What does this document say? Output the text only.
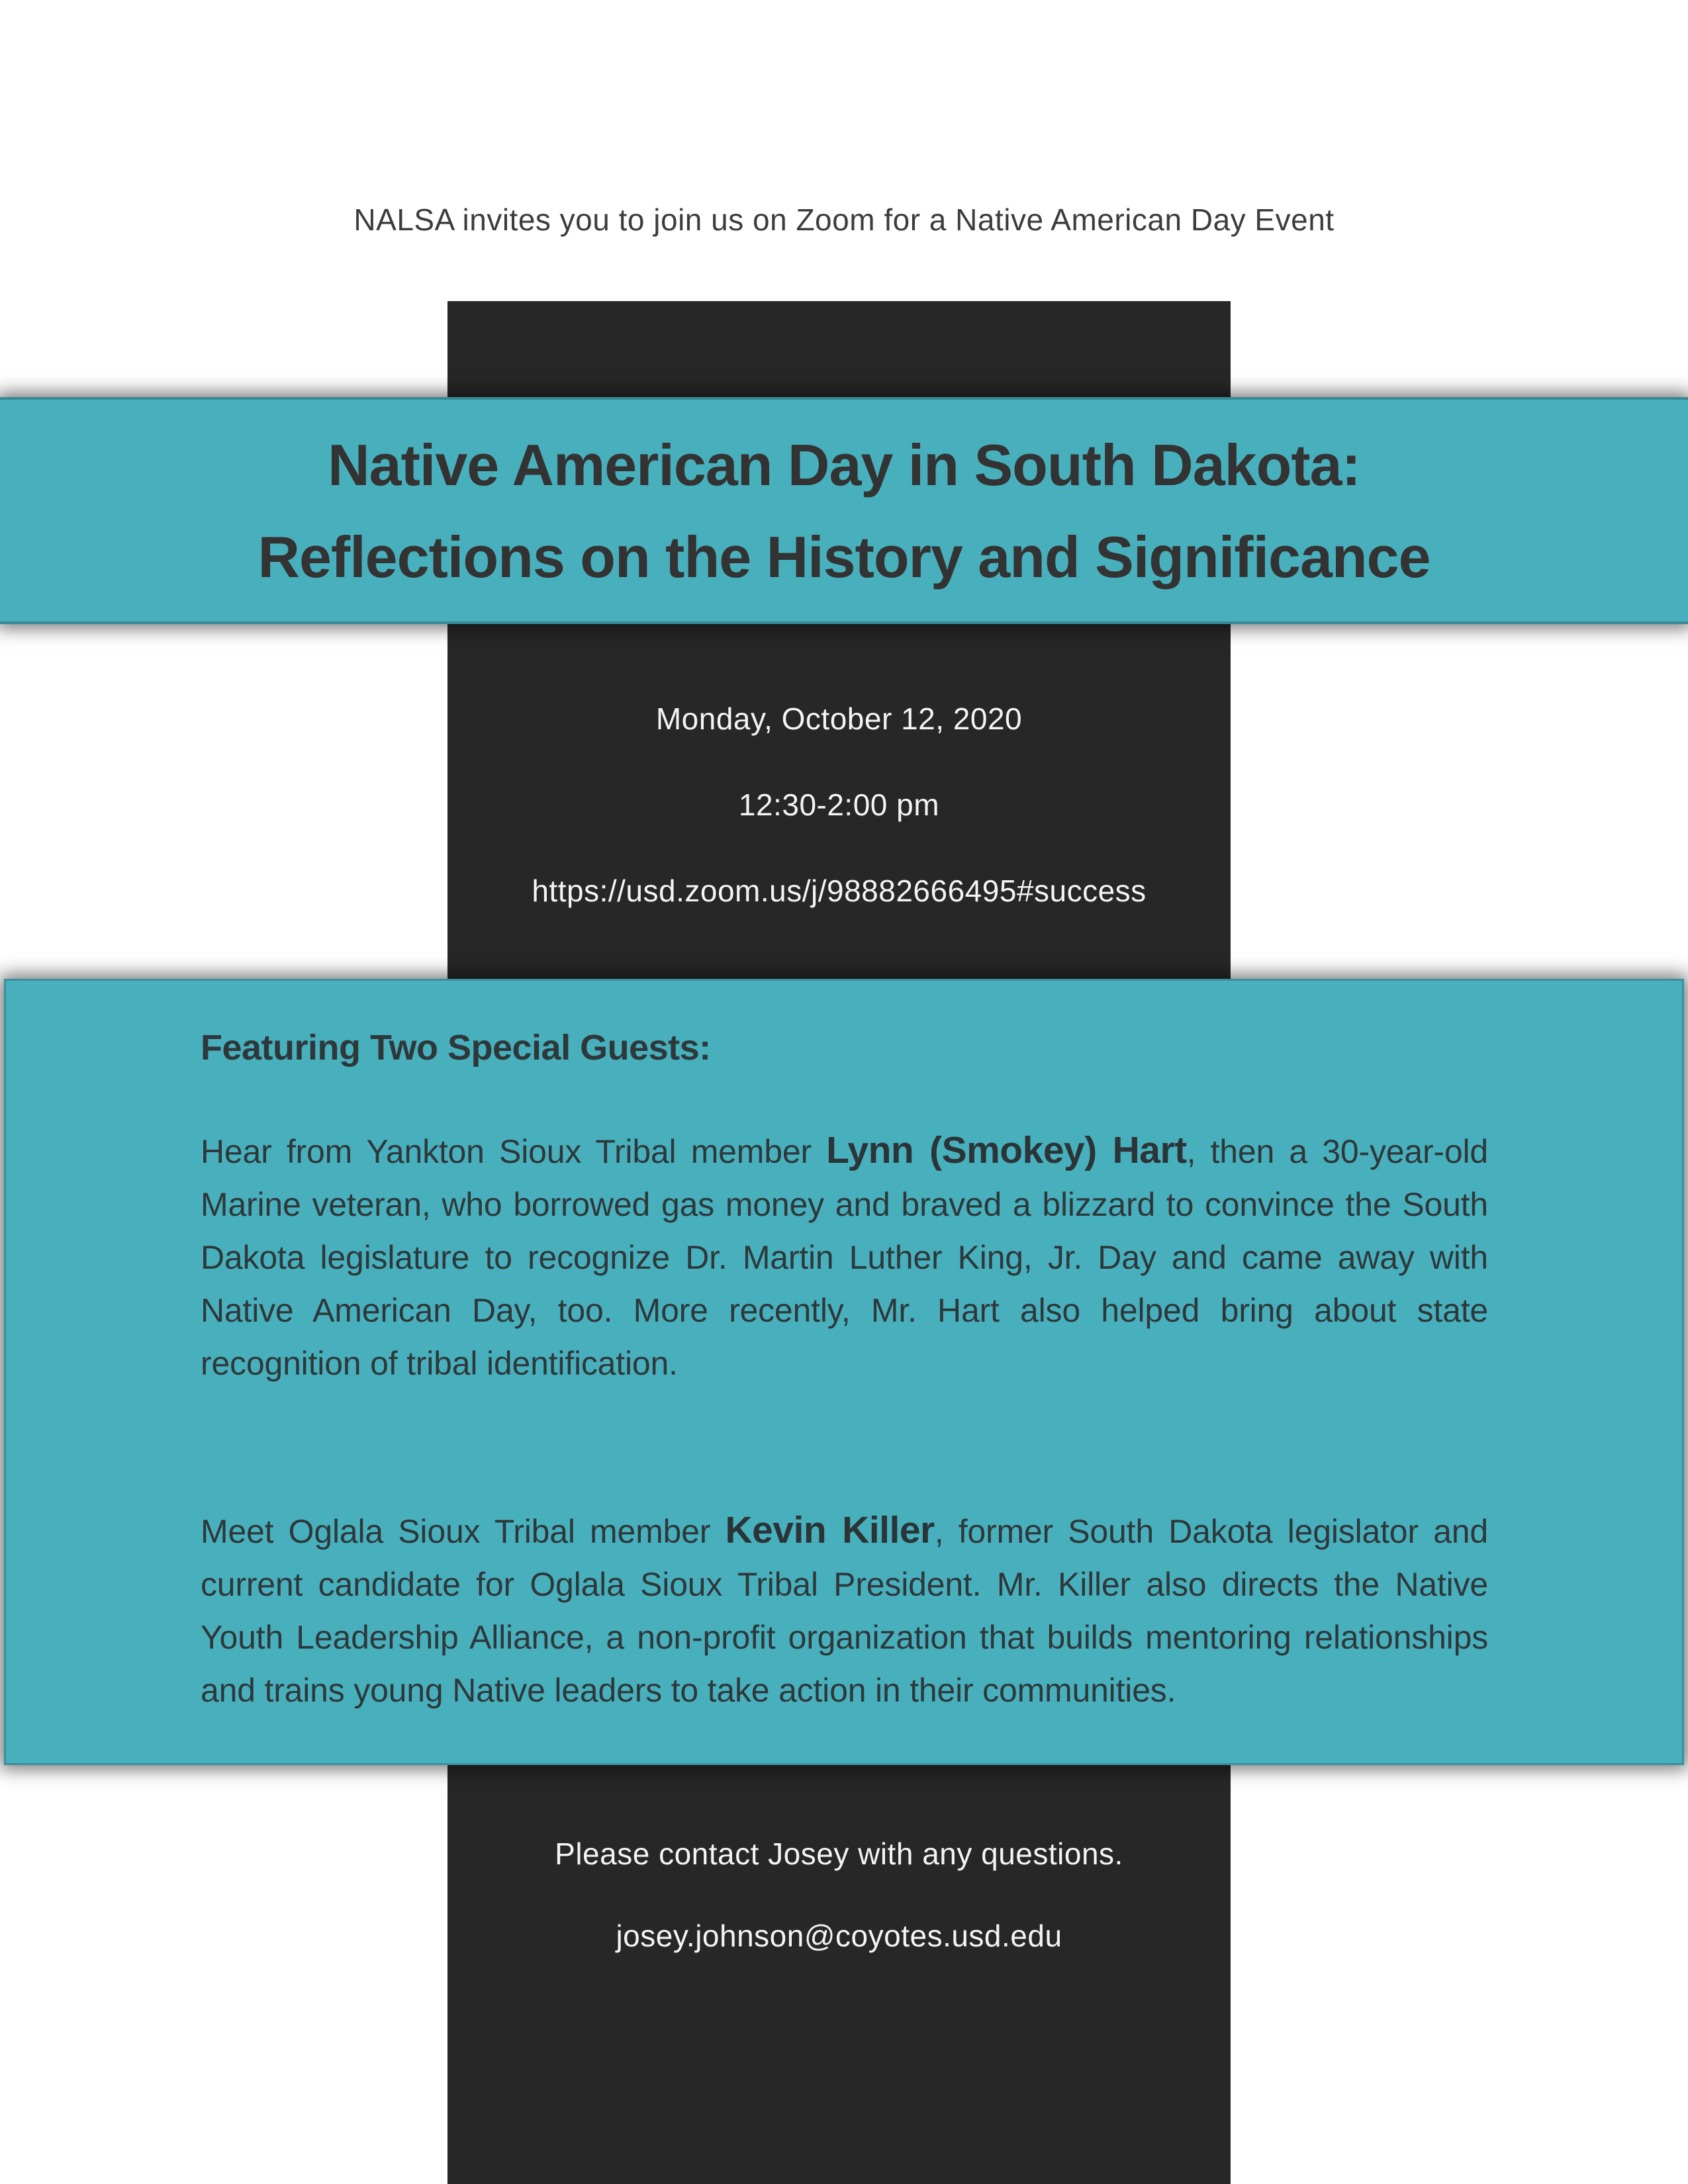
NALSA invites you to join us on Zoom for a Native American Day Event
Native American Day in South Dakota:
Reflections on the History and Significance
Monday, October 12, 2020
12:30-2:00 pm
https://usd.zoom.us/j/98882666495#success
Featuring Two Special Guests:

Hear from Yankton Sioux Tribal member Lynn (Smokey) Hart, then a 30-year-old Marine veteran, who borrowed gas money and braved a blizzard to convince the South Dakota legislature to recognize Dr. Martin Luther King, Jr. Day and came away with Native American Day, too. More recently, Mr. Hart also helped bring about state recognition of tribal identification.

Meet Oglala Sioux Tribal member Kevin Killer, former South Dakota legislator and current candidate for Oglala Sioux Tribal President. Mr. Killer also directs the Native Youth Leadership Alliance, a non-profit organization that builds mentoring relationships and trains young Native leaders to take action in their communities.

Please contact Josey with any questions.
josey.johnson@coyotes.usd.edu
